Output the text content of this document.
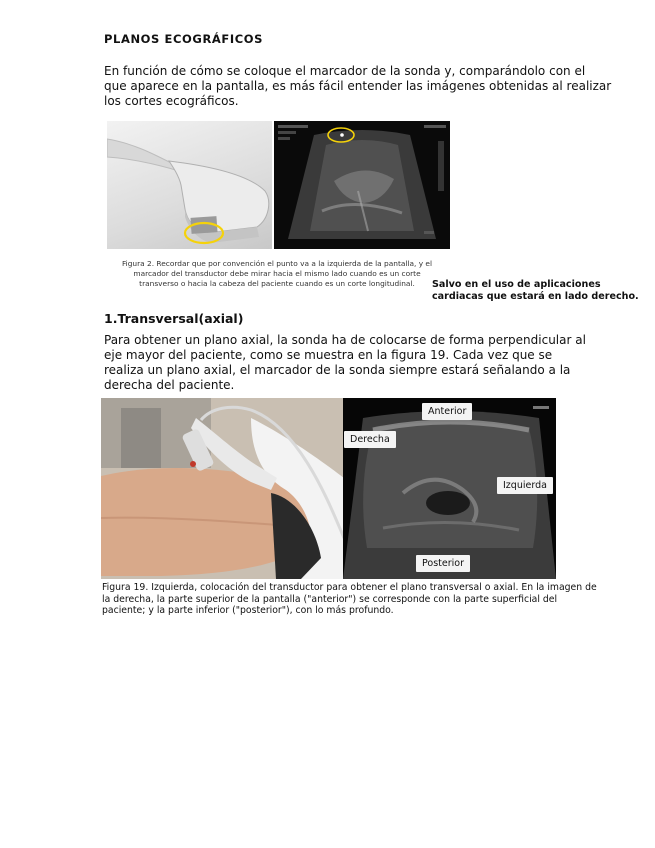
PLANOS ECOGRÁFICOS
En función de cómo se coloque el marcador de la sonda y, comparándolo con el
que aparece en la pantalla, es más fácil entender las imágenes obtenidas al realizar
los cortes ecográficos.
Figura 2. Recordar que por convención el punto va a la izquierda de la pantalla, y el
marcador del transductor debe mirar hacia el mismo lado cuando es un corte
transverso o hacia la cabeza del paciente cuando es un corte longitudinal.	Salvo en el uso de aplicaciones
cardiacas que estará en lado derecho.
1.Transversal(axial)
Para obtener un plano axial, la sonda ha de colocarse de forma perpendicular al
eje mayor del paciente, como se muestra en la figura 19. Cada vez que se
realiza un plano axial, el marcador de la sonda siempre estará señalando a la
derecha del paciente.
Anterior
Derecha
Izquierda
Posterior
Figura 19. Izquierda, colocación del transductor para obtener el plano transversal o axial. En la imagen de
la derecha, la parte superior de la pantalla ("anterior") se corresponde con la parte superficial del
paciente; y la parte inferior ("posterior"), con lo más profundo.
